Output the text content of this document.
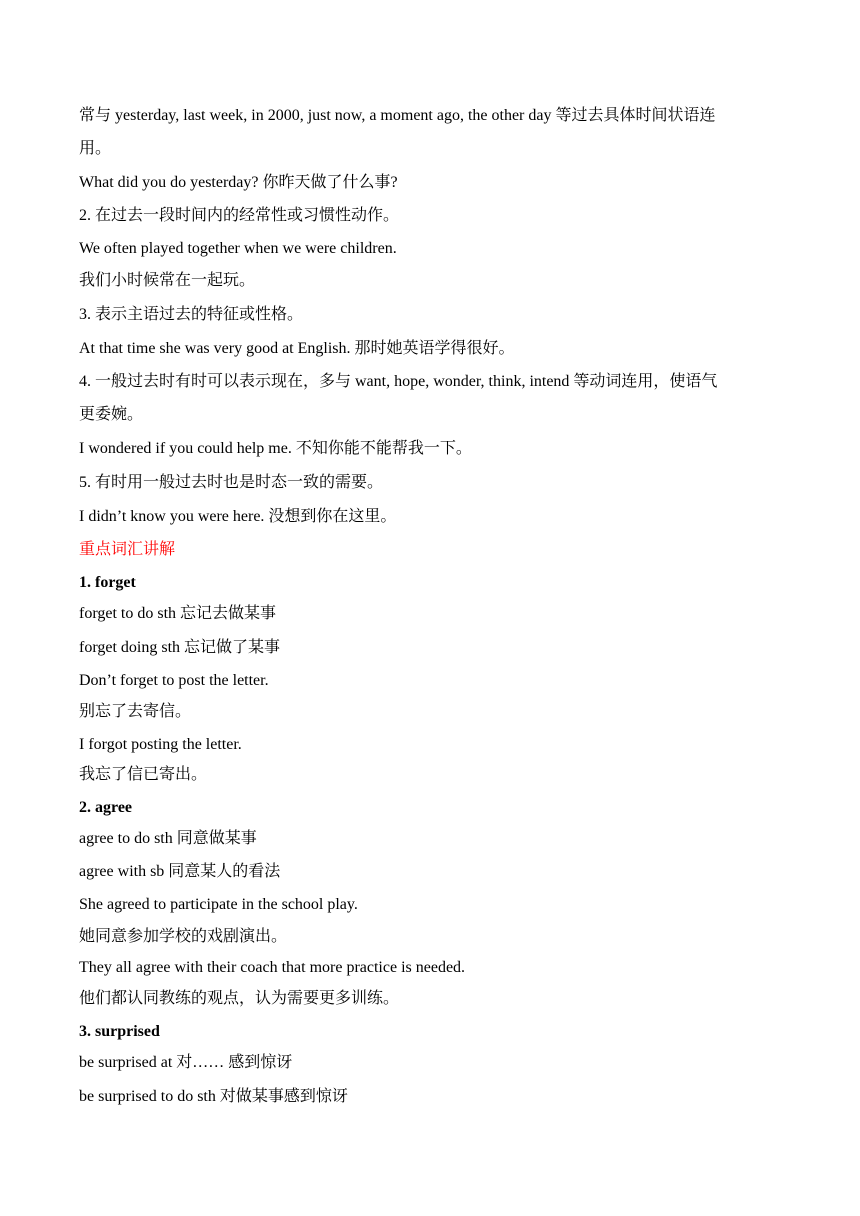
常与 yesterday, last week, in 2000, just now, a moment ago, the other day 等过去具体时间状语连
用。
What did you do yesterday? 你昨天做了什么事?
2. 在过去一段时间内的经常性或习惯性动作。
We often played together when we were children.
我们小时候常在一起玩。
3. 表示主语过去的特征或性格。
At that time she was very good at English. 那时她英语学得很好。
4. 一般过去时有时可以表示现在，多与 want, hope, wonder, think, intend 等动词连用，使语气
更委婉。
I wondered if you could help me. 不知你能不能帮我一下。
5. 有时用一般过去时也是时态一致的需要。
I didn’t know you were here. 没想到你在这里。
重点词汇讲解
1. forget
forget to do sth 忘记去做某事
forget doing sth 忘记做了某事
Don’t forget to post the letter.
别忘了去寄信。
I forgot posting the letter.
我忘了信已寄出。
2. agree
agree to do sth 同意做某事
agree with sb 同意某人的看法
She agreed to participate in the school play.
她同意参加学校的戏剧演出。
They all agree with their coach that more practice is needed.
他们都认同教练的观点，认为需要更多训练。
3. surprised
be surprised at 对…… 感到惊讶
be surprised to do sth 对做某事感到惊讶
